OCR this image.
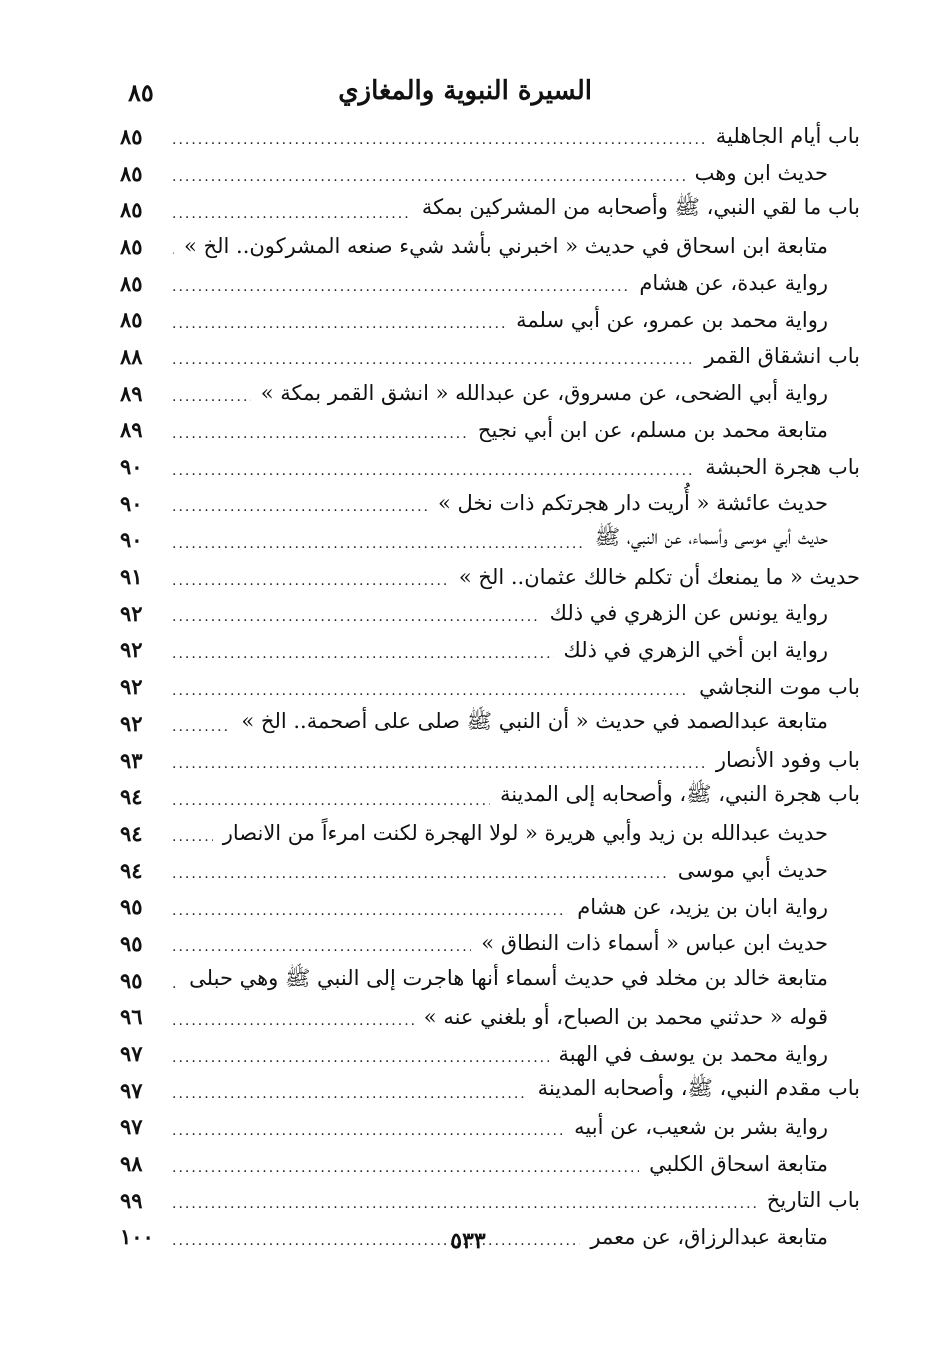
٨٥	السيرة النبوية والمغازي
باب أيام الجاهلية
.....
٨٥
حديث ابن وهب
.....
٨٥
باب ما لقي النبي، ﷺ وأصحابه من المشركين بمكة
.....
٨٥
متابعة ابن اسحاق في حديث « اخبرني بأشد شيء صنعه المشركون.. الخ »
.....
٨٥
رواية عبدة، عن هشام
.....
٨٥
رواية محمد بن عمرو، عن أبي سلمة
.....
٨٥
باب انشقاق القمر
.....
٨٨
رواية أبي الضحى، عن مسروق، عن عبدالله « انشق القمر بمكة »
.....
٨٩
متابعة محمد بن مسلم، عن ابن أبي نجيح
.....
٨٩
باب هجرة الحبشة
.....
٩٠
حديث عائشة « أُريت دار هجرتكم ذات نخل »
.....
٩٠
حديث أبي موسى وأسماء، عن النبي، ﷺ
.....
٩٠
حديث « ما يمنعك أن تكلم خالك عثمان.. الخ »
.....
٩١
رواية يونس عن الزهري في ذلك
.....
٩٢
رواية ابن أخي الزهري في ذلك
.....
٩٢
باب موت النجاشي
.....
٩٢
متابعة عبدالصمد في حديث « أن النبي ﷺ صلى على أصحمة.. الخ »
.....
٩٢
باب وفود الأنصار
.....
٩٣
باب هجرة النبي، ﷺ، وأصحابه إلى المدينة
.....
٩٤
حديث عبدالله بن زيد وأبي هريرة « لولا الهجرة لكنت امرءاً من الانصار
.....
٩٤
حديث أبي موسى
.....
٩٤
رواية ابان بن يزيد، عن هشام
.....
٩٥
حديث ابن عباس « أسماء ذات النطاق »
.....
٩٥
متابعة خالد بن مخلد في حديث أسماء أنها هاجرت إلى النبي ﷺ وهي حبلى
.....
٩٥
قوله « حدثني محمد بن الصباح، أو بلغني عنه »
.....
٩٦
رواية محمد بن يوسف في الهبة
.....
٩٧
باب مقدم النبي، ﷺ، وأصحابه المدينة
.....
٩٧
رواية بشر بن شعيب، عن أبيه
.....
٩٧
متابعة اسحاق الكلبي
.....
٩٨
باب التاريخ
.....
٩٩
متابعة عبدالرزاق، عن معمر
.....
١٠٠	٥٣٣
